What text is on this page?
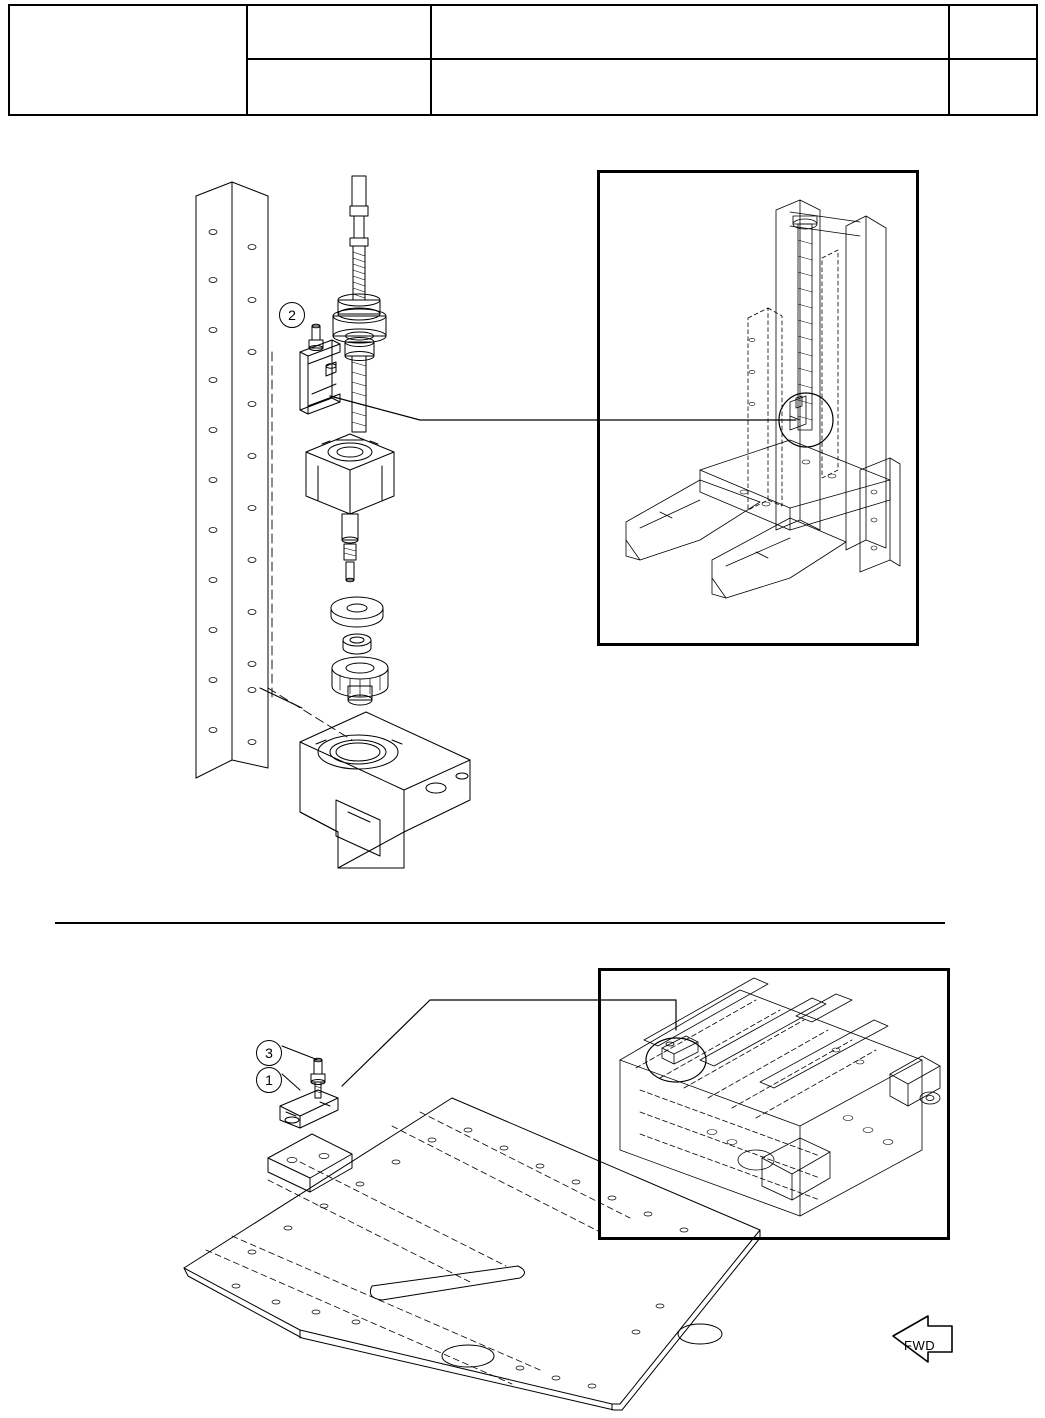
2
3
1
FWD
